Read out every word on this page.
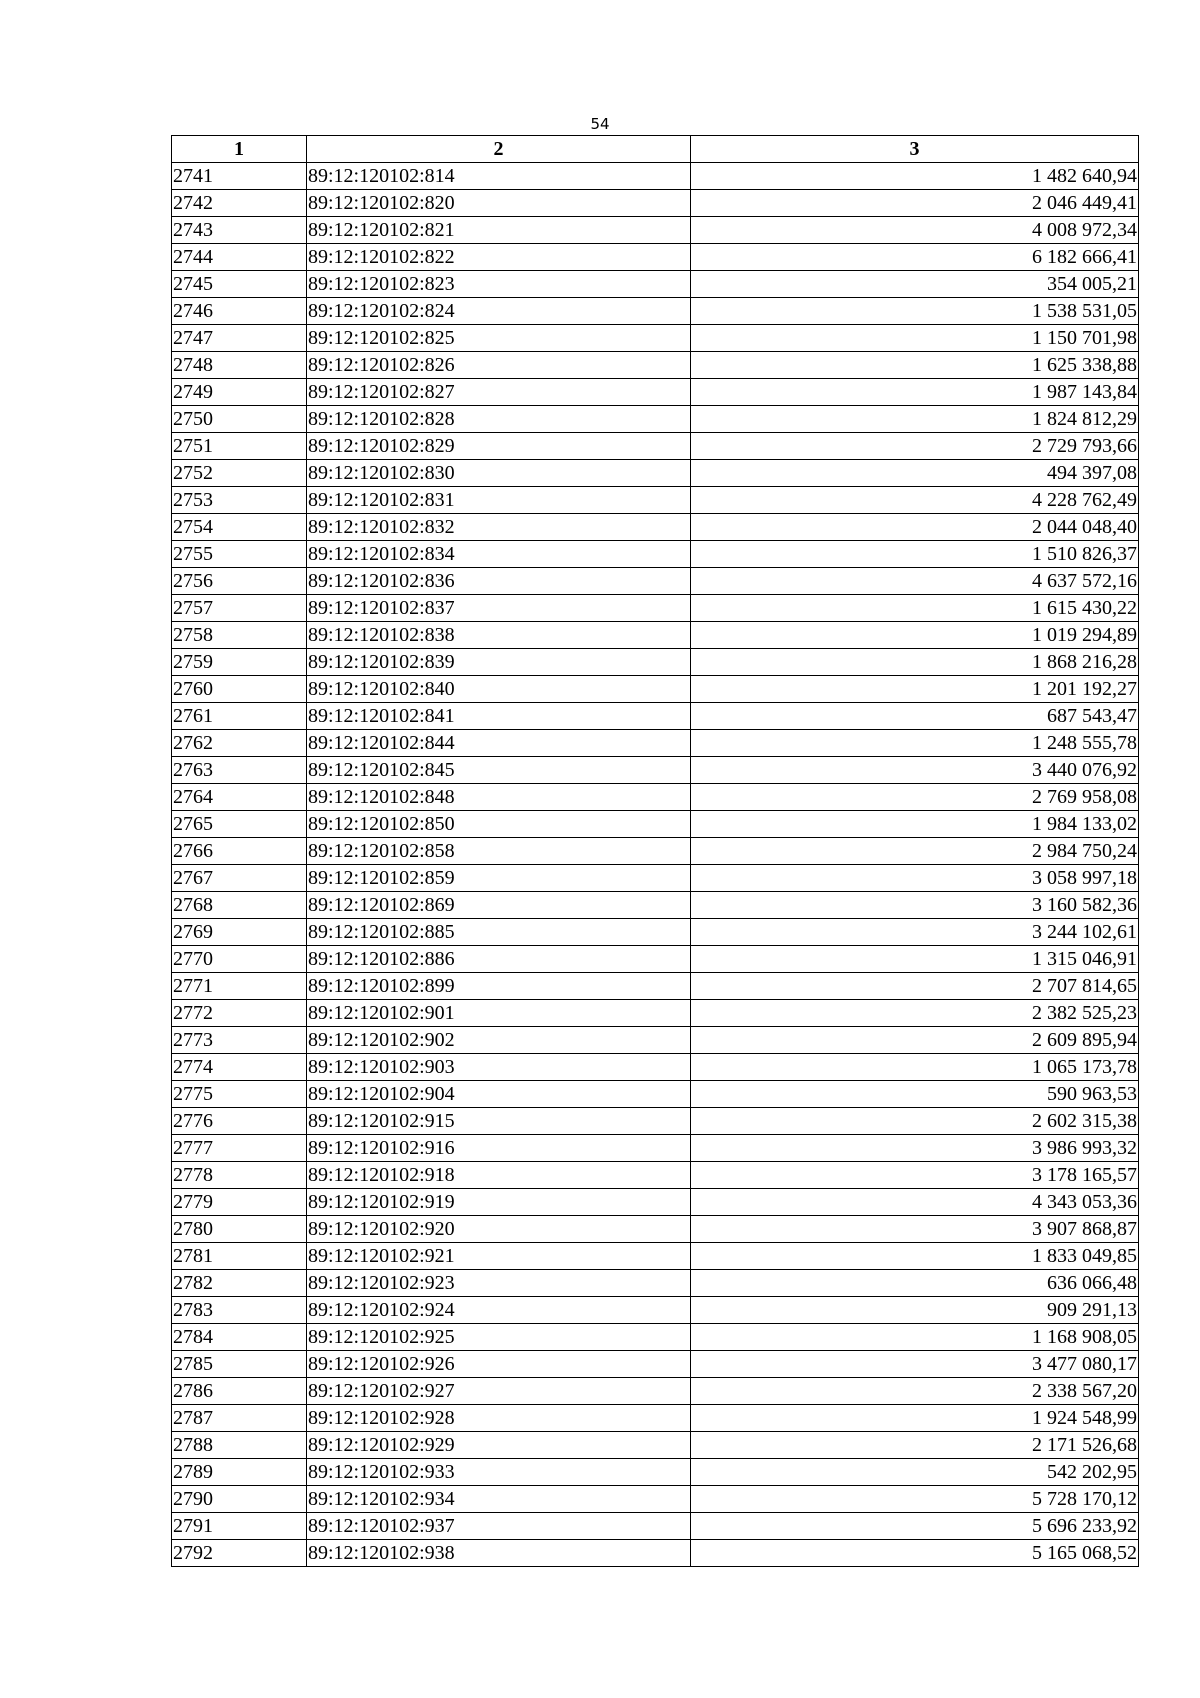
54
1	2	3
2741	89:12:120102:814	1 482 640,94
2742	89:12:120102:820	2 046 449,41
2743	89:12:120102:821	4 008 972,34
2744	89:12:120102:822	6 182 666,41
2745	89:12:120102:823	354 005,21
2746	89:12:120102:824	1 538 531,05
2747	89:12:120102:825	1 150 701,98
2748	89:12:120102:826	1 625 338,88
2749	89:12:120102:827	1 987 143,84
2750	89:12:120102:828	1 824 812,29
2751	89:12:120102:829	2 729 793,66
2752	89:12:120102:830	494 397,08
2753	89:12:120102:831	4 228 762,49
2754	89:12:120102:832	2 044 048,40
2755	89:12:120102:834	1 510 826,37
2756	89:12:120102:836	4 637 572,16
2757	89:12:120102:837	1 615 430,22
2758	89:12:120102:838	1 019 294,89
2759	89:12:120102:839	1 868 216,28
2760	89:12:120102:840	1 201 192,27
2761	89:12:120102:841	687 543,47
2762	89:12:120102:844	1 248 555,78
2763	89:12:120102:845	3 440 076,92
2764	89:12:120102:848	2 769 958,08
2765	89:12:120102:850	1 984 133,02
2766	89:12:120102:858	2 984 750,24
2767	89:12:120102:859	3 058 997,18
2768	89:12:120102:869	3 160 582,36
2769	89:12:120102:885	3 244 102,61
2770	89:12:120102:886	1 315 046,91
2771	89:12:120102:899	2 707 814,65
2772	89:12:120102:901	2 382 525,23
2773	89:12:120102:902	2 609 895,94
2774	89:12:120102:903	1 065 173,78
2775	89:12:120102:904	590 963,53
2776	89:12:120102:915	2 602 315,38
2777	89:12:120102:916	3 986 993,32
2778	89:12:120102:918	3 178 165,57
2779	89:12:120102:919	4 343 053,36
2780	89:12:120102:920	3 907 868,87
2781	89:12:120102:921	1 833 049,85
2782	89:12:120102:923	636 066,48
2783	89:12:120102:924	909 291,13
2784	89:12:120102:925	1 168 908,05
2785	89:12:120102:926	3 477 080,17
2786	89:12:120102:927	2 338 567,20
2787	89:12:120102:928	1 924 548,99
2788	89:12:120102:929	2 171 526,68
2789	89:12:120102:933	542 202,95
2790	89:12:120102:934	5 728 170,12
2791	89:12:120102:937	5 696 233,92
2792	89:12:120102:938	5 165 068,52
